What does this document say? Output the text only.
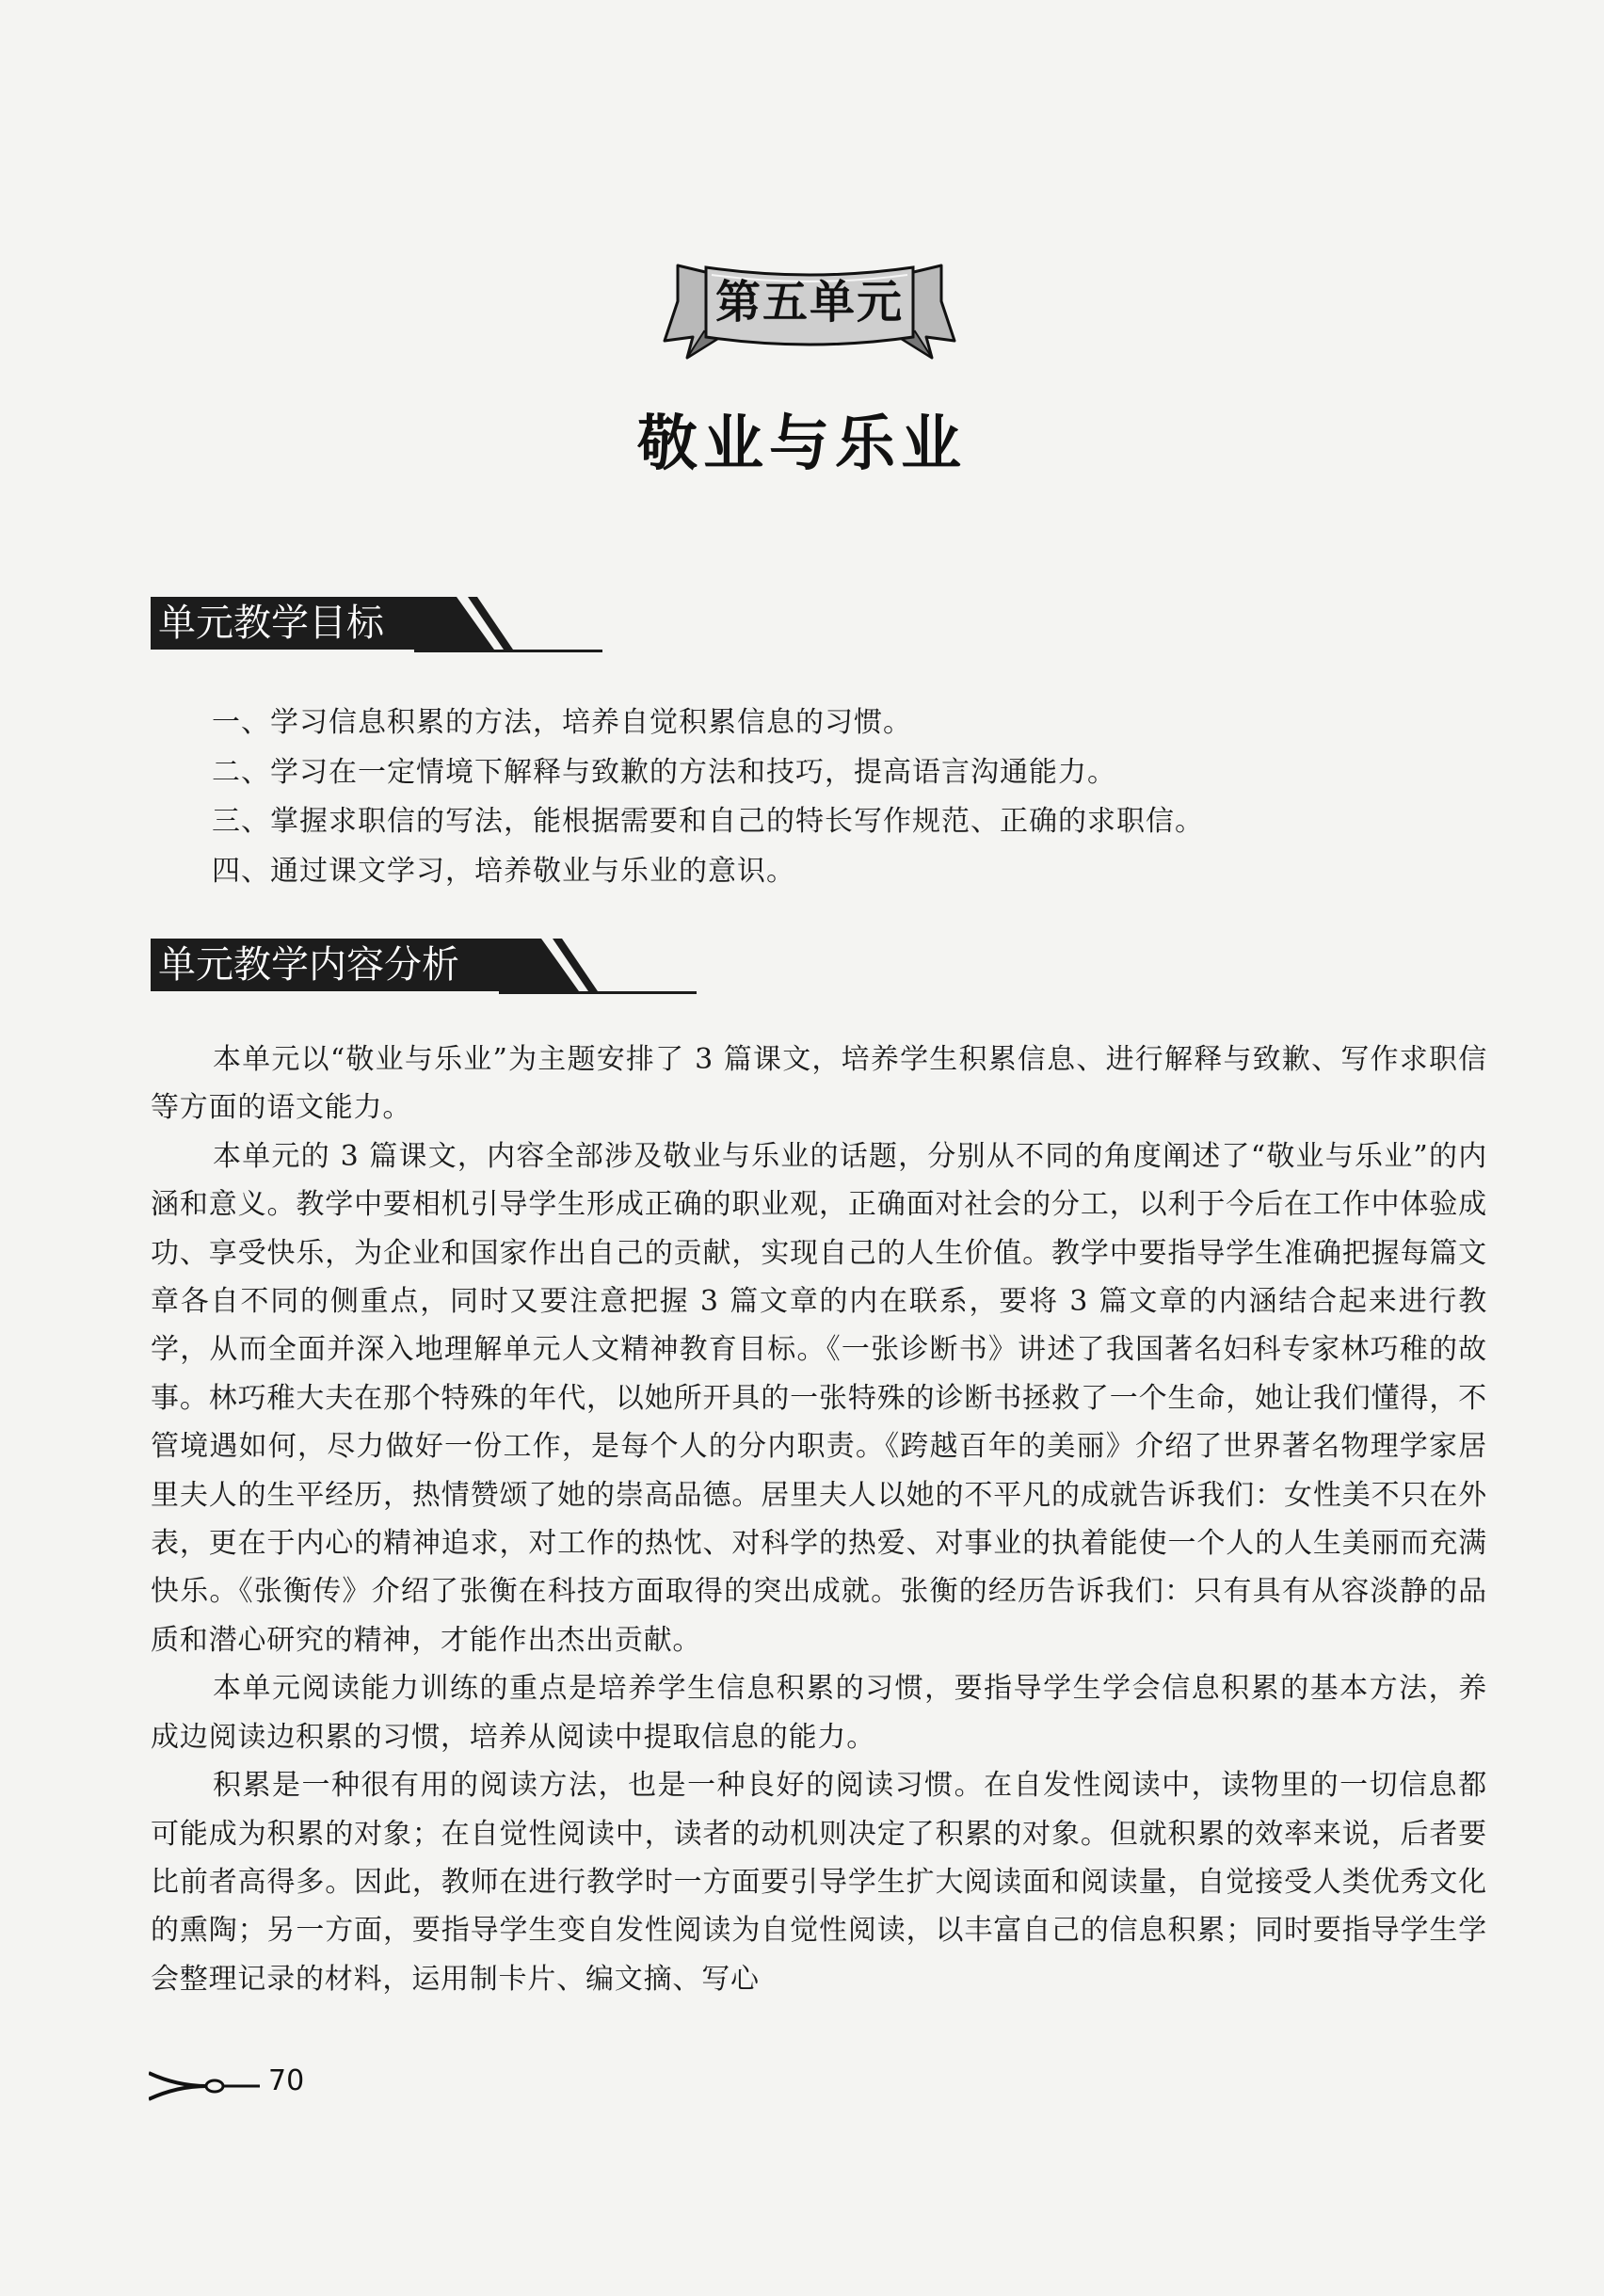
第五单元
敬业与乐业
单元教学目标
一、学习信息积累的方法，培养自觉积累信息的习惯。
二、学习在一定情境下解释与致歉的方法和技巧，提高语言沟通能力。
三、掌握求职信的写法，能根据需要和自己的特长写作规范、正确的求职信。
四、通过课文学习，培养敬业与乐业的意识。
单元教学内容分析

本单元以“敬业与乐业”为主题安排了 3 篇课文，培养学生积累信息、进行解释与致歉、写作求职信等方面的语文能力。

本单元的 3 篇课文，内容全部涉及敬业与乐业的话题，分别从不同的角度阐述了“敬业与乐业”的内涵和意义。教学中要相机引导学生形成正确的职业观，正确面对社会的分工，以利于今后在工作中体验成功、享受快乐，为企业和国家作出自己的贡献，实现自己的人生价值。教学中要指导学生准确把握每篇文章各自不同的侧重点，同时又要注意把握 3 篇文章的内在联系，要将 3 篇文章的内涵结合起来进行教学，从而全面并深入地理解单元人文精神教育目标。《一张诊断书》讲述了我国著名妇科专家林巧稚的故事。林巧稚大夫在那个特殊的年代，以她所开具的一张特殊的诊断书拯救了一个生命，她让我们懂得，不管境遇如何，尽力做好一份工作，是每个人的分内职责。《跨越百年的美丽》介绍了世界著名物理学家居里夫人的生平经历，热情赞颂了她的崇高品德。居里夫人以她的不平凡的成就告诉我们：女性美不只在外表，更在于内心的精神追求，对工作的热忱、对科学的热爱、对事业的执着能使一个人的人生美丽而充满快乐。《张衡传》介绍了张衡在科技方面取得的突出成就。张衡的经历告诉我们：只有具有从容淡静的品质和潜心研究的精神，才能作出杰出贡献。

本单元阅读能力训练的重点是培养学生信息积累的习惯，要指导学生学会信息积累的基本方法，养成边阅读边积累的习惯，培养从阅读中提取信息的能力。

积累是一种很有用的阅读方法，也是一种良好的阅读习惯。在自发性阅读中，读物里的一切信息都可能成为积累的对象；在自觉性阅读中，读者的动机则决定了积累的对象。但就积累的效率来说，后者要比前者高得多。因此，教师在进行教学时一方面要引导学生扩大阅读面和阅读量，自觉接受人类优秀文化的熏陶；另一方面，要指导学生变自发性阅读为自觉性阅读，以丰富自己的信息积累；同时要指导学生学会整理记录的材料，运用制卡片、编文摘、写心

70
